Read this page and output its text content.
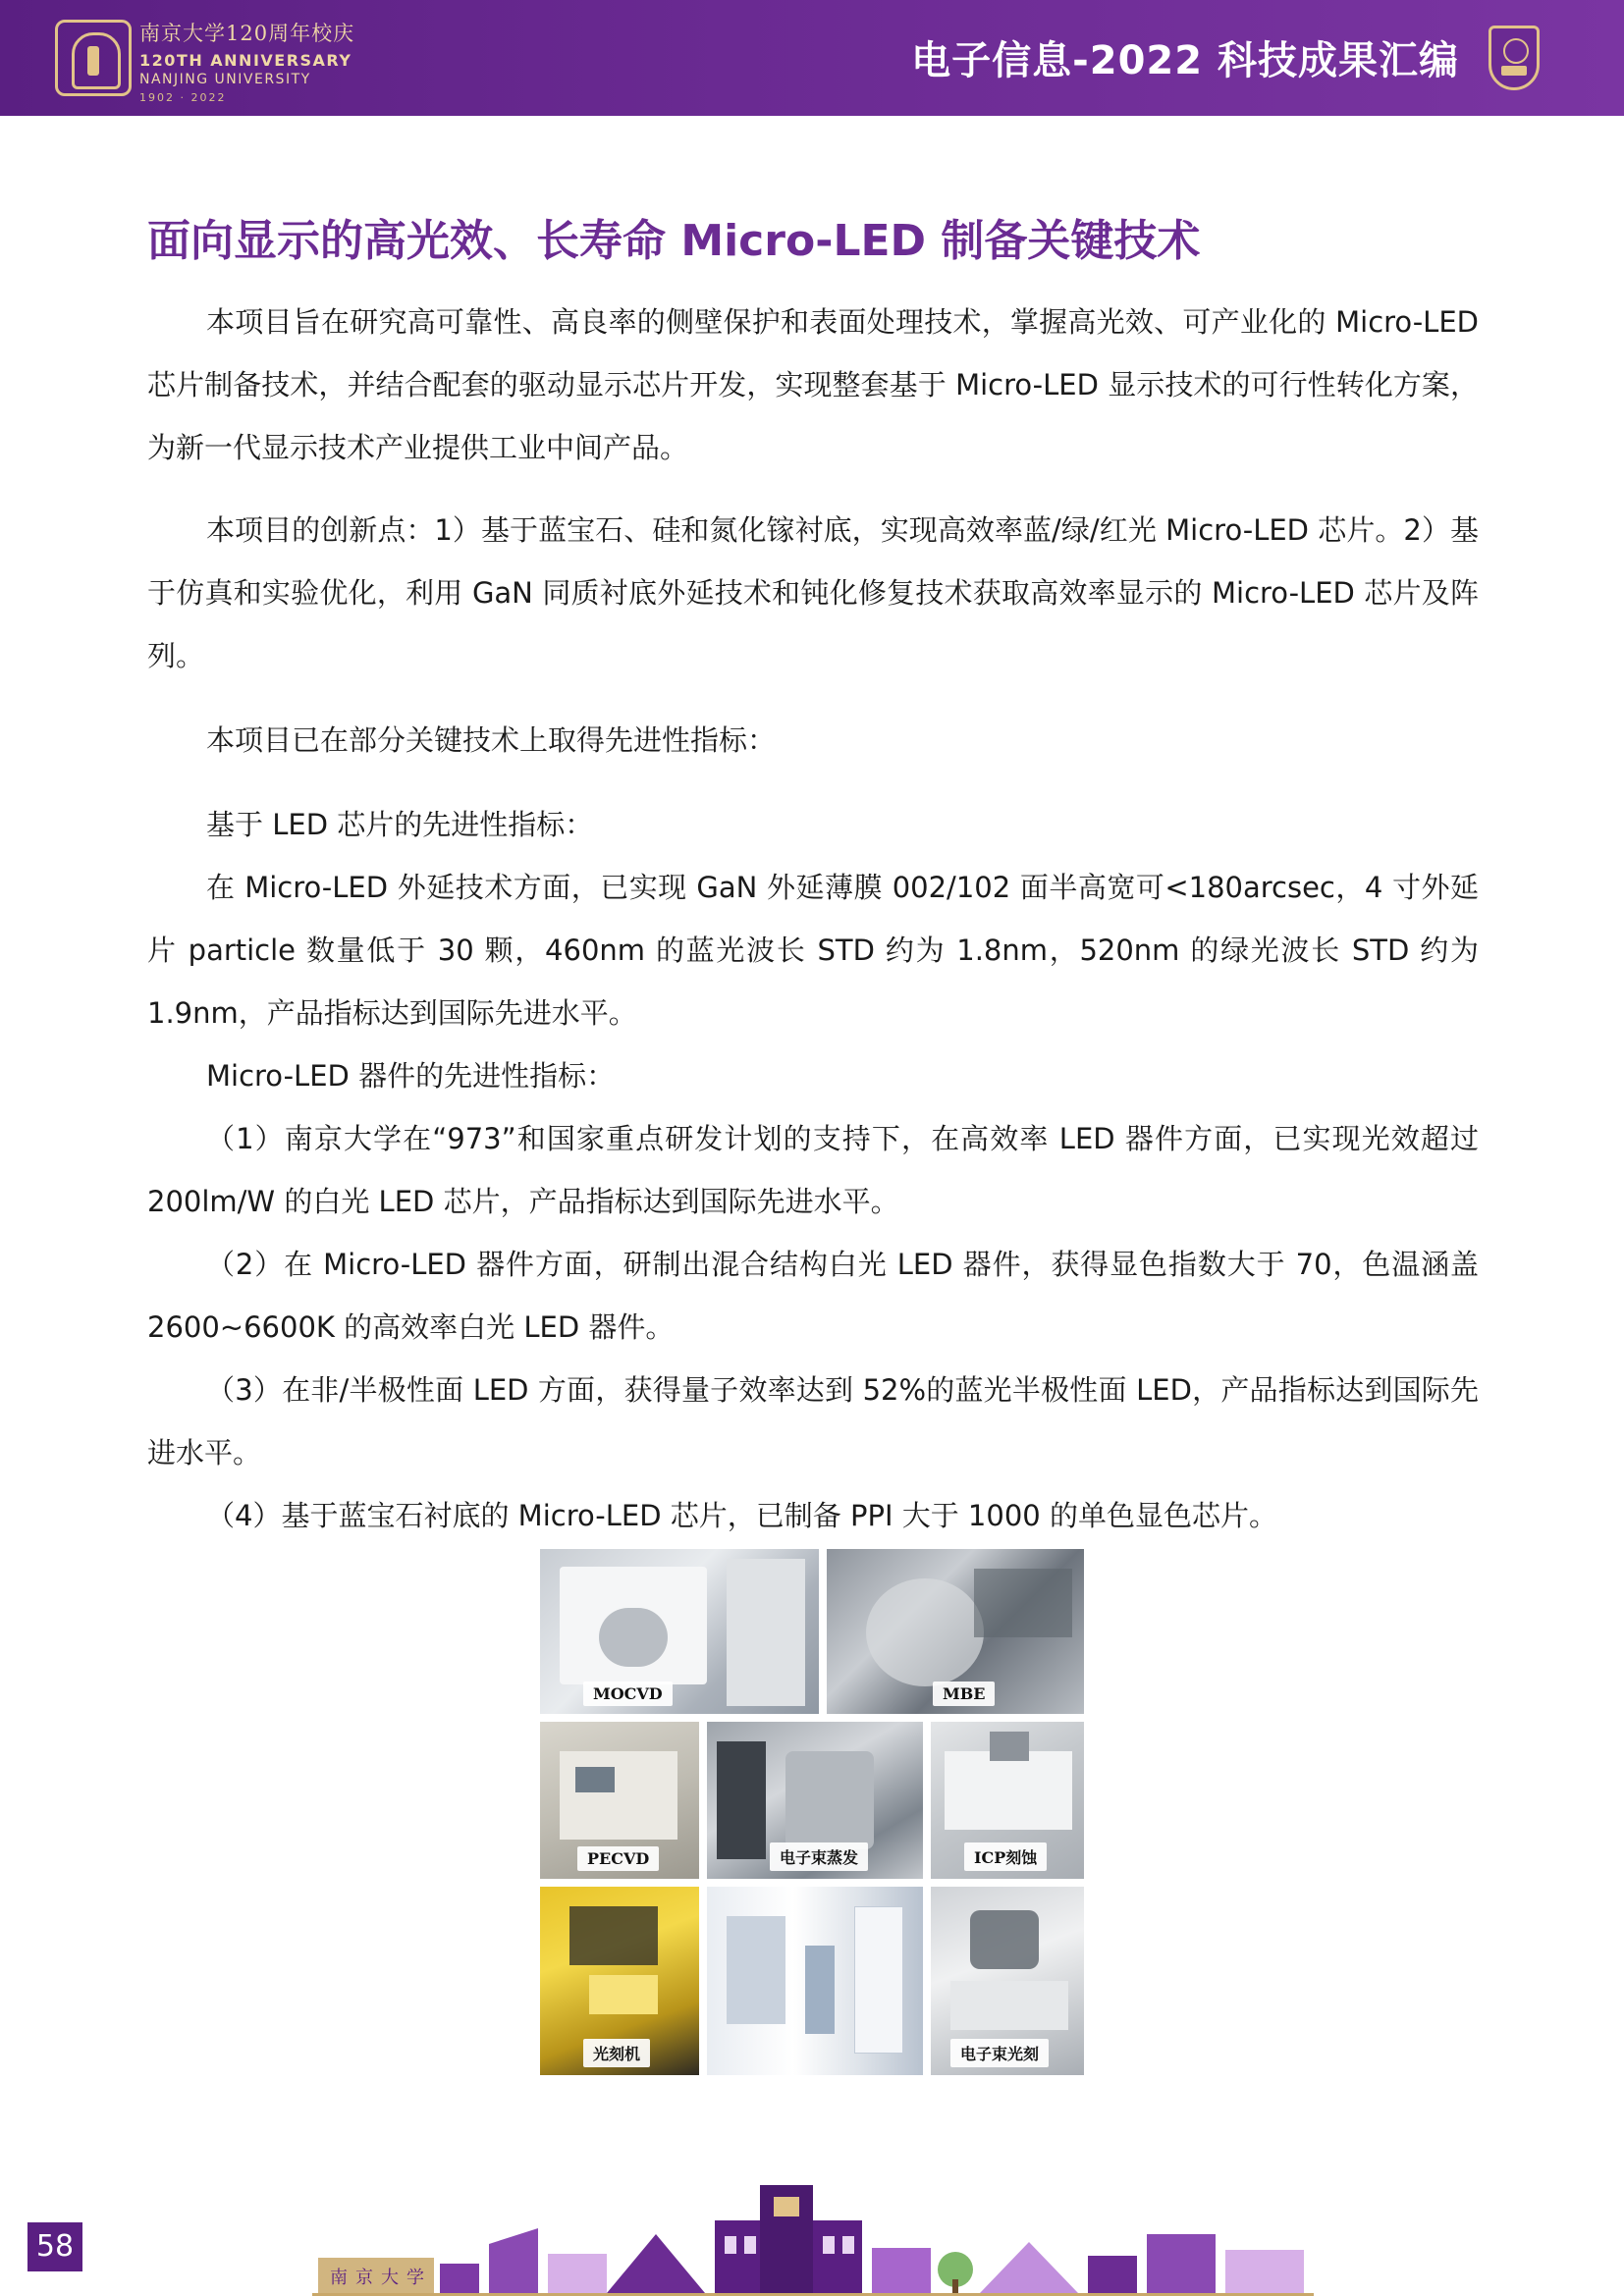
南京大学120周年校庆
120TH ANNIVERSARY
NANJING UNIVERSITY
1902 · 2022
电子信息-2022 科技成果汇编
面向显示的高光效、长寿命 Micro-LED 制备关键技术

本项目旨在研究高可靠性、高良率的侧壁保护和表面处理技术，掌握高光效、可产业化的 Micro-LED 芯片制备技术，并结合配套的驱动显示芯片开发，实现整套基于 Micro-LED 显示技术的可行性转化方案，为新一代显示技术产业提供工业中间产品。

本项目的创新点：1）基于蓝宝石、硅和氮化镓衬底，实现高效率蓝/绿/红光 Micro-LED 芯片。2）基于仿真和实验优化，利用 GaN 同质衬底外延技术和钝化修复技术获取高效率显示的 Micro-LED 芯片及阵列。

本项目已在部分关键技术上取得先进性指标：

基于 LED 芯片的先进性指标：

在 Micro-LED 外延技术方面，已实现 GaN 外延薄膜 002/102 面半高宽可<180arcsec，4 寸外延片 particle 数量低于 30 颗，460nm 的蓝光波长 STD 约为 1.8nm，520nm 的绿光波长 STD 约为 1.9nm，产品指标达到国际先进水平。

Micro-LED 器件的先进性指标：

（1）南京大学在“973”和国家重点研发计划的支持下，在高效率 LED 器件方面，已实现光效超过 200lm/W 的白光 LED 芯片，产品指标达到国际先进水平。

（2）在 Micro-LED 器件方面，研制出混合结构白光 LED 器件，获得显色指数大于 70，色温涵盖 2600~6600K 的高效率白光 LED 器件。

（3）在非/半极性面 LED 方面，获得量子效率达到 52%的蓝光半极性面 LED，产品指标达到国际先进水平。

（4）基于蓝宝石衬底的 Micro-LED 芯片，已制备 PPI 大于 1000 的单色显色芯片。

MOCVD	MBE
PECVD	电子束蒸发	ICP刻蚀
光刻机	电子束光刻
58
南京大学
